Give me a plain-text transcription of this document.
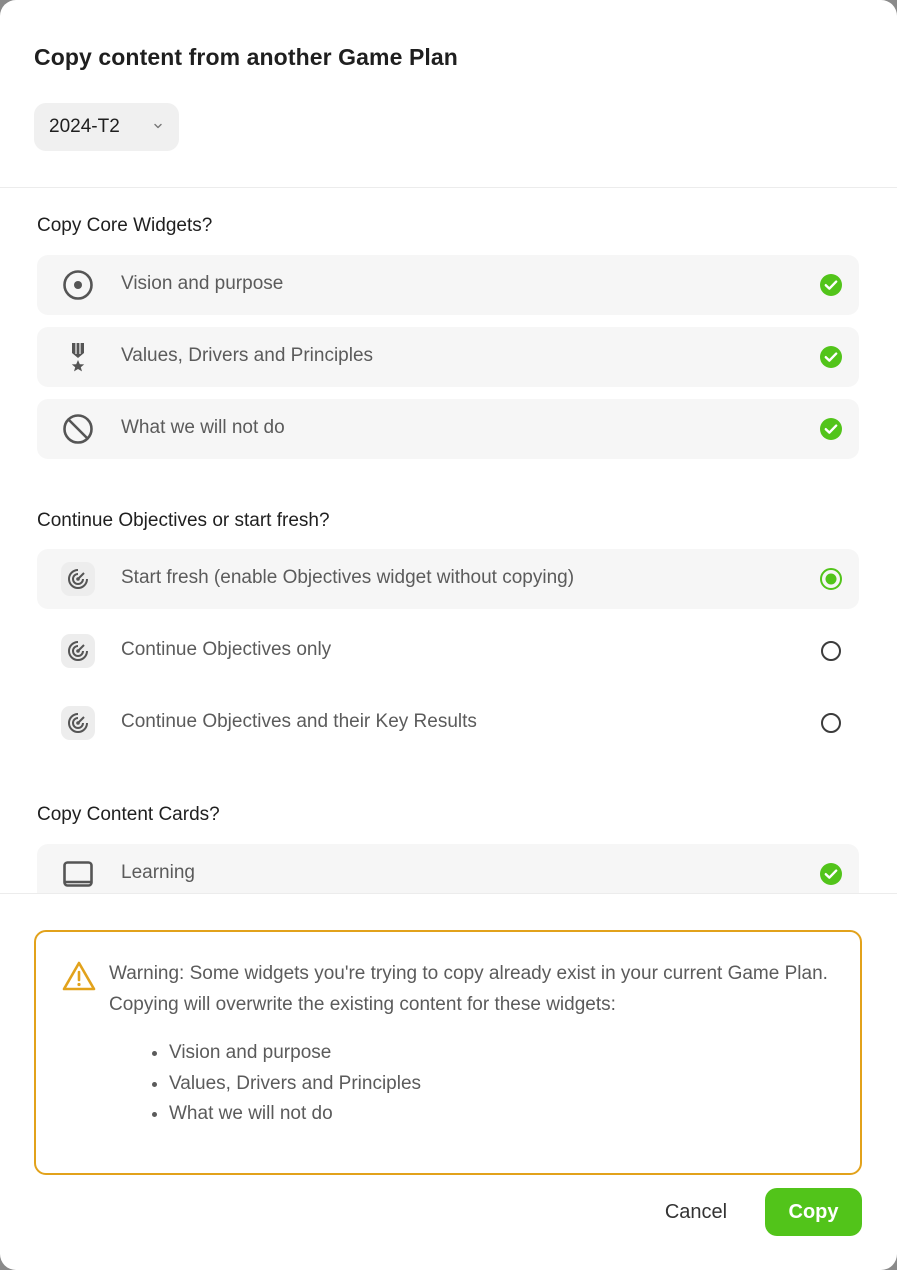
Copy content from another Game Plan
2024-T2
Copy Core Widgets?
Vision and purpose
Values, Drivers and Principles
What we will not do
Continue Objectives or start fresh?
Start fresh (enable Objectives widget without copying)
Continue Objectives only
Continue Objectives and their Key Results
Copy Content Cards?
Learning
Warning: Some widgets you're trying to copy already exist in your current Game Plan. Copying will overwrite the existing content for these widgets:
• Vision and purpose
• Values, Drivers and Principles
• What we will not do
Cancel	Copy
